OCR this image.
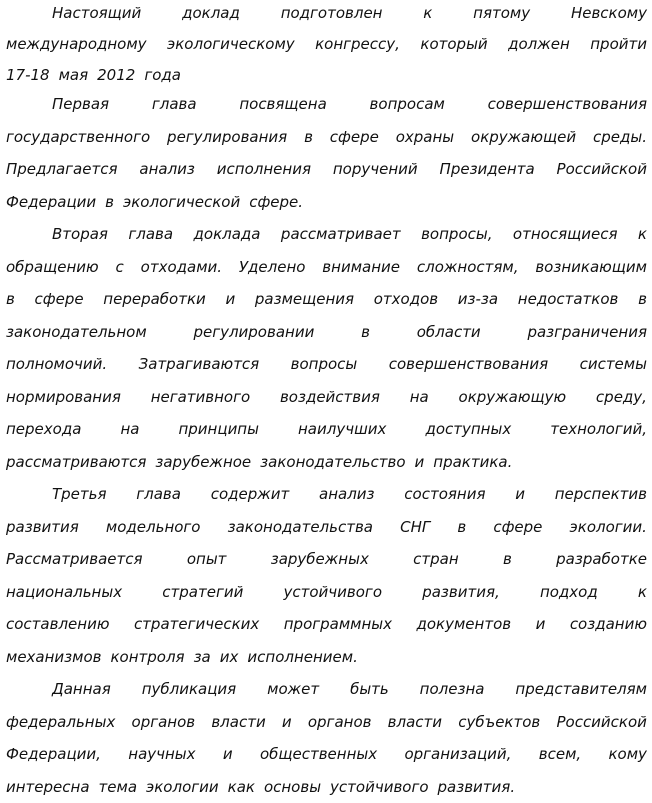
Настоящий	доклад	подготовлен	к	пятому	Невскому
международному экологическому конгрессу, который должен пройти
17-18 мая 2012 года
Первая	глава	посвящена	вопросам	совершенствования
государственного регулирования в сфере охраны окружающей среды.
Предлагается анализ исполнения поручений Президента Российской
Федерации в экологической сфере.
Вторая глава доклада рассматривает вопросы, относящиеся к
обращению с отходами. Уделено внимание сложностям, возникающим
в сфере переработки и размещения отходов из-за недостатков в
законодательном	регулировании	в	области	разграничения
полномочий. Затрагиваются вопросы совершенствования системы
нормирования негативного воздействия на окружающую среду,
перехода	на	принципы	наилучших	доступных	технологий,
рассматриваются зарубежное законодательство и практика.
Третья глава содержит анализ состояния и перспектив
развития модельного законодательства СНГ в сфере экологии.
Рассматривается	опыт	зарубежных	стран	в	разработке
национальных	стратегий	устойчивого	развития,	подход	к
составлению стратегических программных документов и созданию
механизмов контроля за их исполнением.
Данная публикация может быть полезна представителям
федеральных органов власти и органов власти субъектов Российской
Федерации, научных и общественных организаций, всем, кому
интересна тема экологии как основы устойчивого развития.
